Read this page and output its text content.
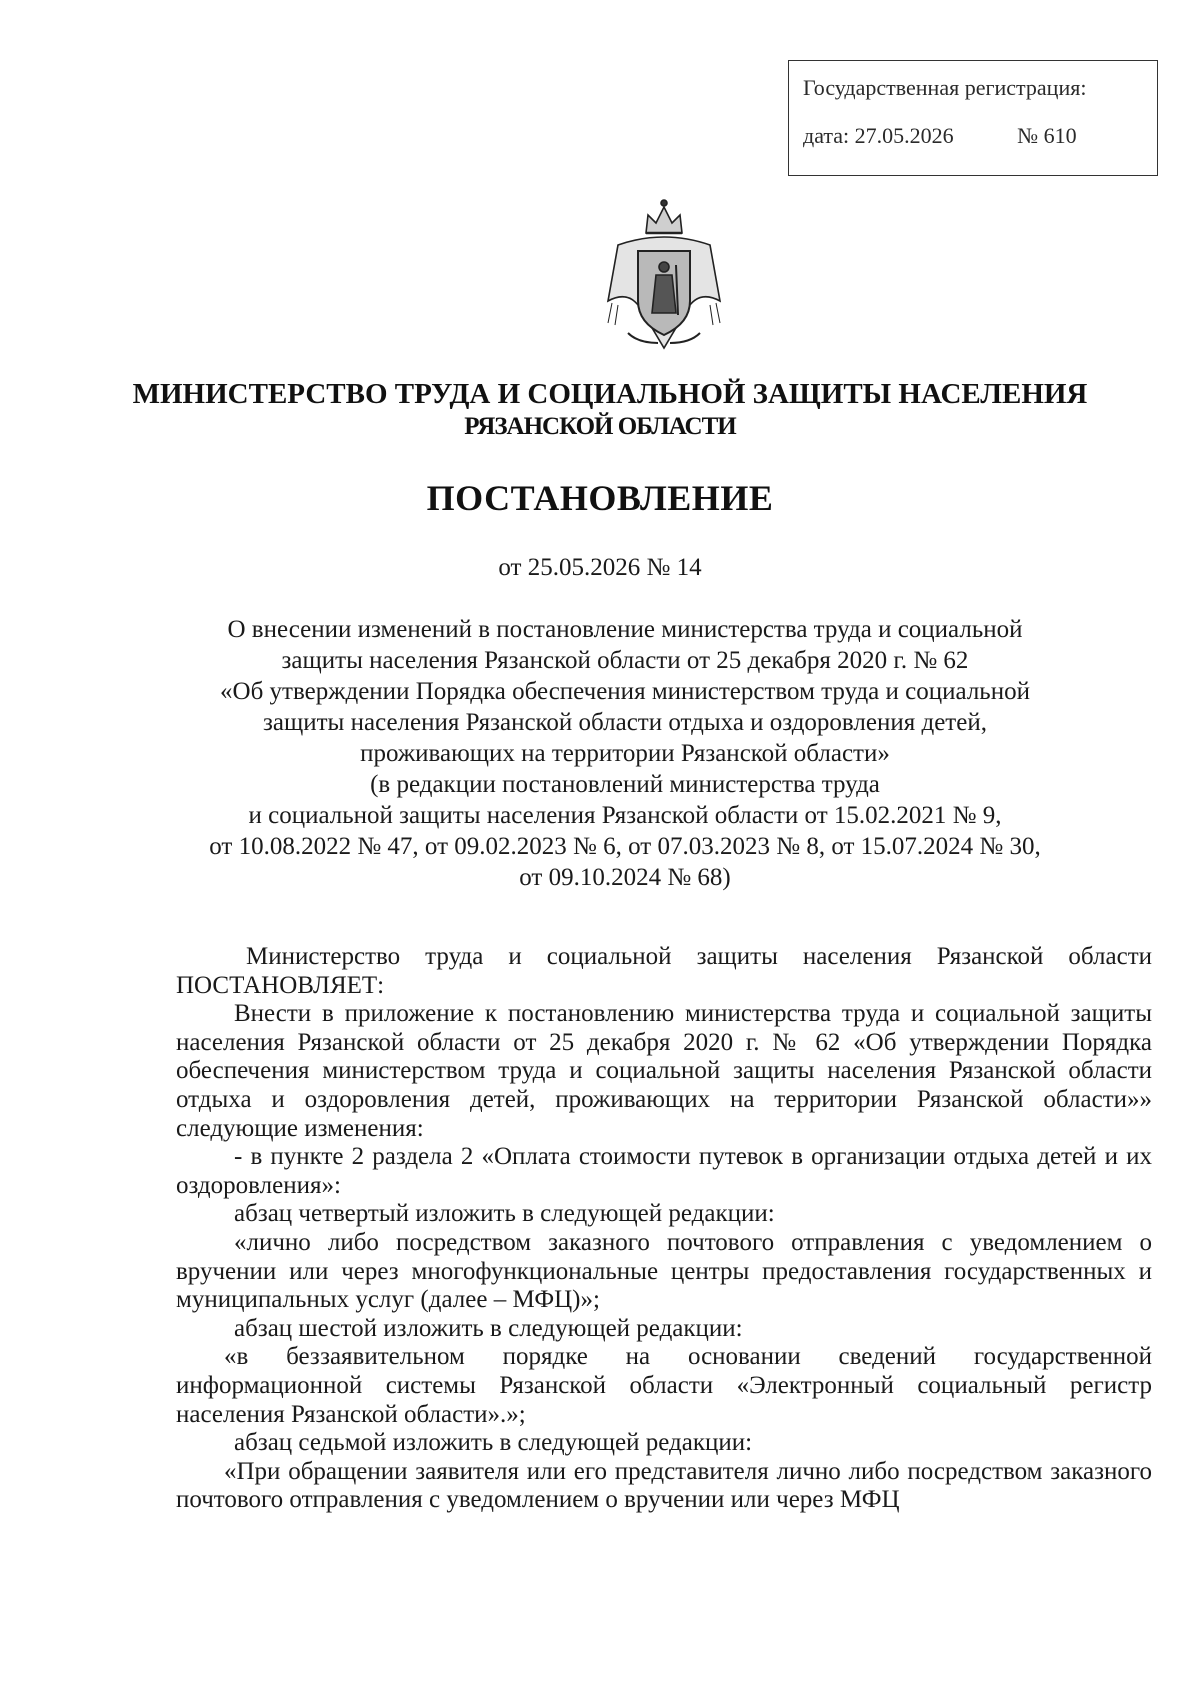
Государственная регистрация:
дата: 27.05.2026	№ 610
МИНИСТЕРСТВО ТРУДА И СОЦИАЛЬНОЙ ЗАЩИТЫ НАСЕЛЕНИЯ
РЯЗАНСКОЙ ОБЛАСТИ
ПОСТАНОВЛЕНИЕ
от 25.05.2026 № 14
О внесении изменений в постановление министерства труда и социальной
защиты населения Рязанской области от 25 декабря 2020 г. № 62
«Об утверждении Порядка обеспечения министерством труда и социальной
защиты населения Рязанской области отдыха и оздоровления детей,
проживающих на территории Рязанской области»
(в редакции постановлений министерства труда
и социальной защиты населения Рязанской области от 15.02.2021 № 9,
от 10.08.2022 № 47, от 09.02.2023 № 6, от 07.03.2023 № 8, от 15.07.2024 № 30,
от 09.10.2024 № 68)

Министерство труда и социальной защиты населения Рязанской области ПОСТАНОВЛЯЕТ:

Внести в приложение к постановлению министерства труда и социальной защиты населения Рязанской области от 25 декабря 2020 г. № 62 «Об утверждении Порядка обеспечения министерством труда и социальной защиты населения Рязанской области отдыха и оздоровления детей, проживающих на территории Рязанской области»» следующие изменения:

- в пункте 2 раздела 2 «Оплата стоимости путевок в организации отдыха детей и их оздоровления»:

абзац четвертый изложить в следующей редакции:

«лично либо посредством заказного почтового отправления с уведомлением о вручении или через многофункциональные центры предоставления государственных и муниципальных услуг (далее – МФЦ)»;

абзац шестой изложить в следующей редакции:

«в беззаявительном порядке на основании сведений государственной информационной системы Рязанской области «Электронный социальный регистр населения Рязанской области».»;

абзац седьмой изложить в следующей редакции:

«При обращении заявителя или его представителя лично либо посредством заказного почтового отправления с уведомлением о вручении или через МФЦ
